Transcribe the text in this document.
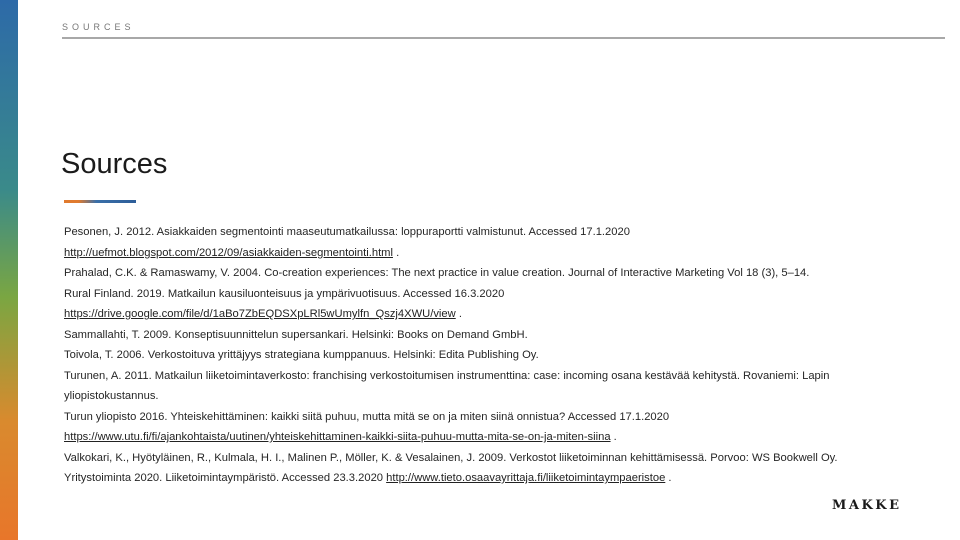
SOURCES
Sources
Pesonen, J. 2012. Asiakkaiden segmentointi maaseutumatkailussa: loppuraportti valmistunut. Accessed 17.1.2020
http://uefmot.blogspot.com/2012/09/asiakkaiden-segmentointi.html .
Prahalad, C.K. & Ramaswamy, V. 2004. Co-creation experiences: The next practice in value creation. Journal of Interactive Marketing Vol 18 (3), 5–14.
Rural Finland. 2019. Matkailun kausiluonteisuus ja ympärivuotisuus. Accessed 16.3.2020
https://drive.google.com/file/d/1aBo7ZbEQDSXpLRl5wUmylfn_Qszj4XWU/view .
Sammallahti, T. 2009. Konseptisuunnittelun supersankari. Helsinki: Books on Demand GmbH.
Toivola, T. 2006. Verkostoituva yrittäjyys strategiana kumppanuus. Helsinki: Edita Publishing Oy.
Turunen, A. 2011. Matkailun liiketoimintaverkosto: franchising verkostoitumisen instrumenttina: case: incoming osana kestävää kehitystä. Rovaniemi: Lapin yliopistokustannus.
Turun yliopisto 2016. Yhteiskehittäminen: kaikki siitä puhuu, mutta mitä se on ja miten siinä onnistua? Accessed 17.1.2020
https://www.utu.fi/fi/ajankohtaista/uutinen/yhteiskehittaminen-kaikki-siita-puhuu-mutta-mita-se-on-ja-miten-siina .
Valkokari, K., Hyötyläinen, R., Kulmala, H. I., Malinen P., Möller, K. & Vesalainen, J. 2009. Verkostot liiketoiminnan kehittämisessä. Porvoo: WS Bookwell Oy.
Yritystoiminta 2020. Liiketoimintaympäristö. Accessed 23.3.2020 http://www.tieto.osaavayrittaja.fi/liiketoimintaympaeristoe .
MAKKE
